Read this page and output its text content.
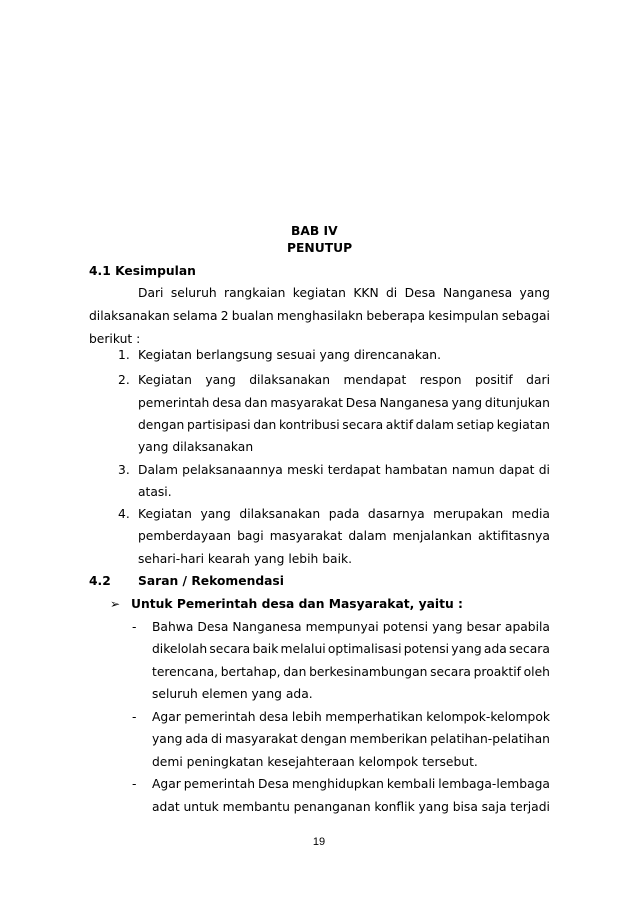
BAB IV
PENUTUP
4.1 Kesimpulan
Dari seluruh rangkaian kegiatan KKN di Desa Nanganesa yang
dilaksanakan selama 2 bualan menghasilakn beberapa kesimpulan sebagai
berikut :
1. Kegiatan berlangsung sesuai yang direncanakan.
2. Kegiatan yang dilaksanakan mendapat respon positif dari
pemerintah desa dan masyarakat Desa Nanganesa yang ditunjukan
dengan partisipasi dan kontribusi secara aktif dalam setiap kegiatan
yang dilaksanakan
3. Dalam pelaksanaannya meski terdapat hambatan namun dapat di
atasi.
4. Kegiatan yang dilaksanakan pada dasarnya merupakan media
pemberdayaan bagi masyarakat dalam menjalankan aktifitasnya
sehari-hari kearah yang lebih baik.
4.2 Saran / Rekomendasi
➢ Untuk Pemerintah desa dan Masyarakat, yaitu :
- Bahwa Desa Nanganesa mempunyai potensi yang besar apabila
dikelolah secara baik melalui optimalisasi potensi yang ada secara
terencana, bertahap, dan berkesinambungan secara proaktif oleh
seluruh elemen yang ada.
- Agar pemerintah desa lebih memperhatikan kelompok-kelompok
yang ada di masyarakat dengan memberikan pelatihan-pelatihan
demi peningkatan kesejahteraan kelompok tersebut.
- Agar pemerintah Desa menghidupkan kembali lembaga-lembaga
adat untuk membantu penanganan konflik yang bisa saja terjadi
19
